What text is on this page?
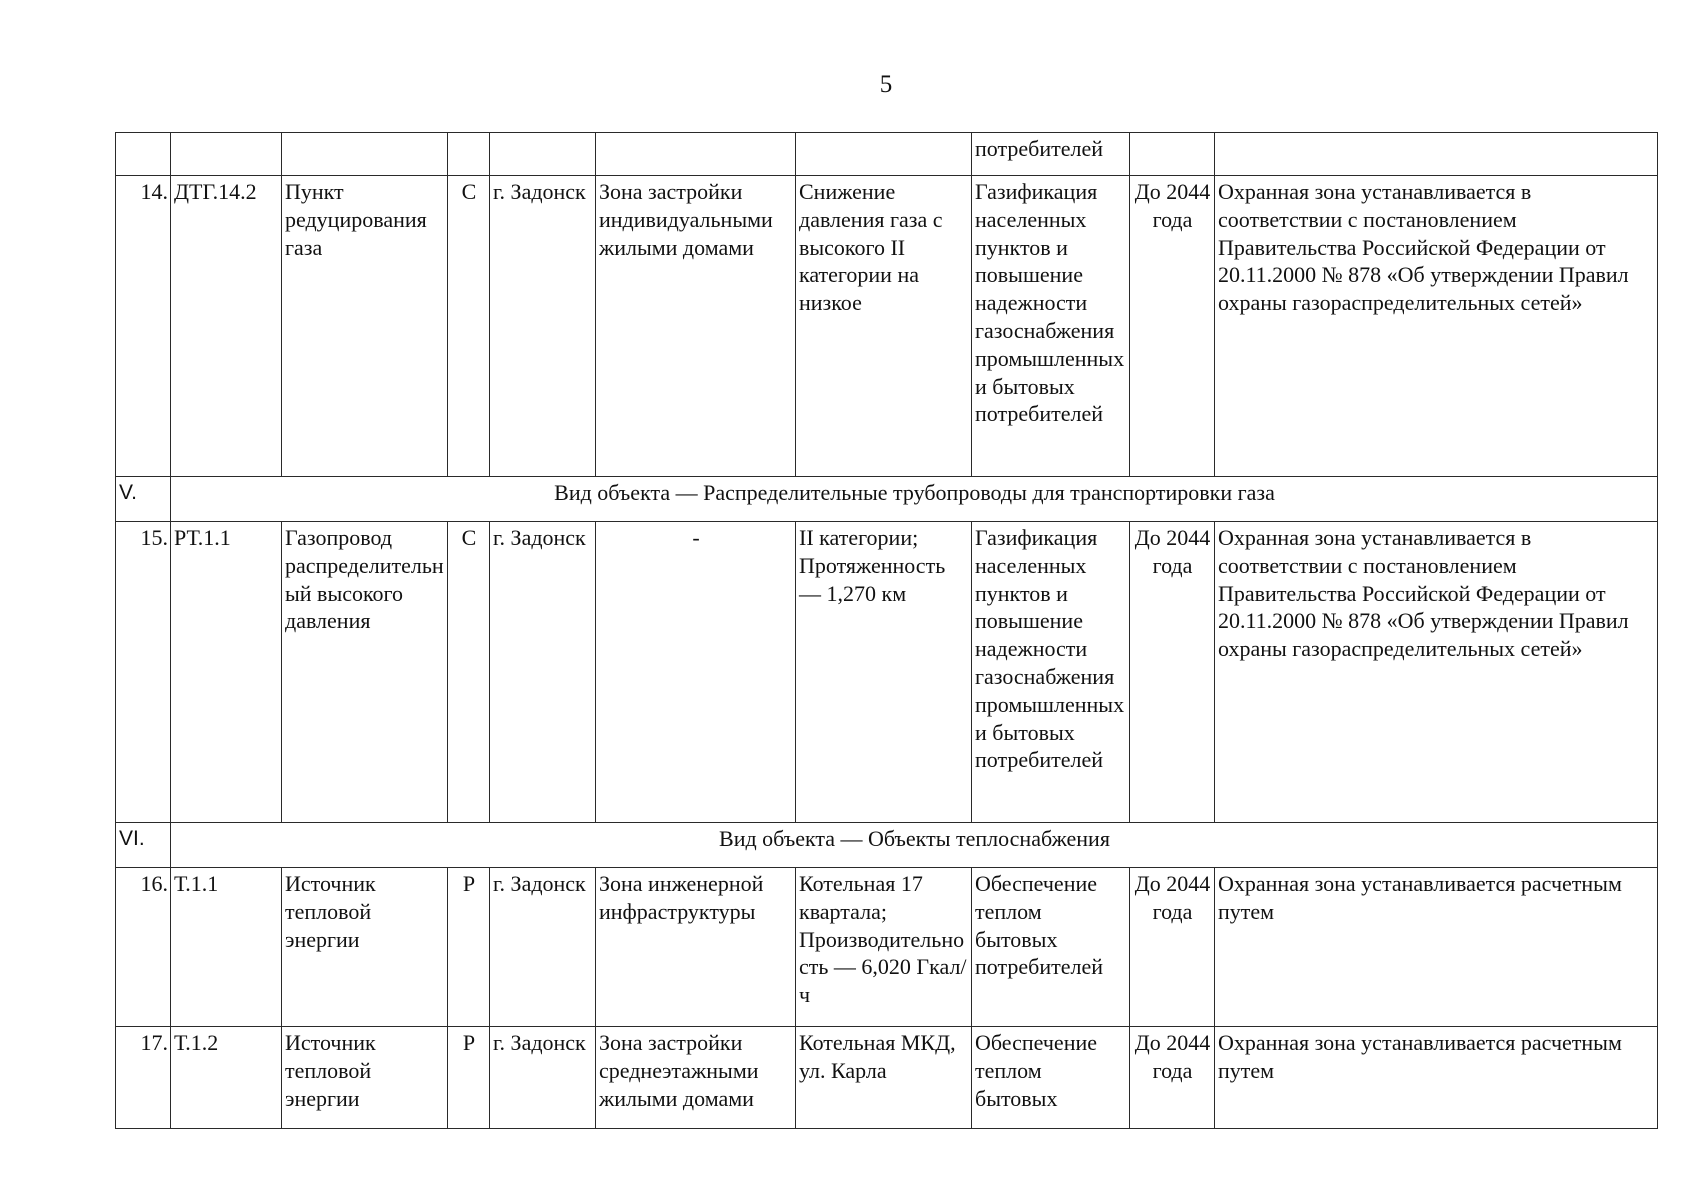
5
							потребителей		
14.	ДТГ.14.2	Пункт редуцирования газа	С	г. Задонск	Зона застройки индивидуальными жилыми домами	Снижение давления газа с высокого II категории на низкое	Газификация населенных пунктов и повышение надежности газоснабжения промышленных и бытовых потребителей	До 2044 года	Охранная зона устанавливается в соответствии с постановлением Правительства Российской Федерации от 20.11.2000 № 878 «Об утверждении Правил охраны газораспределительных сетей»
V.	Вид объекта — Распределительные трубопроводы для транспортировки газа								
15.	РТ.1.1	Газопровод распределительный высокого давления	С	г. Задонск	-	II категории; Протяженность — 1,270 км	Газификация населенных пунктов и повышение надежности газоснабжения промышленных и бытовых потребителей	До 2044 года	Охранная зона устанавливается в соответствии с постановлением Правительства Российской Федерации от 20.11.2000 № 878 «Об утверждении Правил охраны газораспределительных сетей»
VI.	Вид объекта — Объекты теплоснабжения								
16.	Т.1.1	Источник тепловой энергии	Р	г. Задонск	Зона инженерной инфраструктуры	Котельная 17 квартала; Производительность — 6,020 Гкал/ч	Обеспечение теплом бытовых потребителей	До 2044 года	Охранная зона устанавливается расчетным путем
17.	Т.1.2	Источник тепловой энергии	Р	г. Задонск	Зона застройки среднеэтажными жилыми домами	Котельная МКД, ул. Карла	Обеспечение теплом бытовых	До 2044 года	Охранная зона устанавливается расчетным путем
